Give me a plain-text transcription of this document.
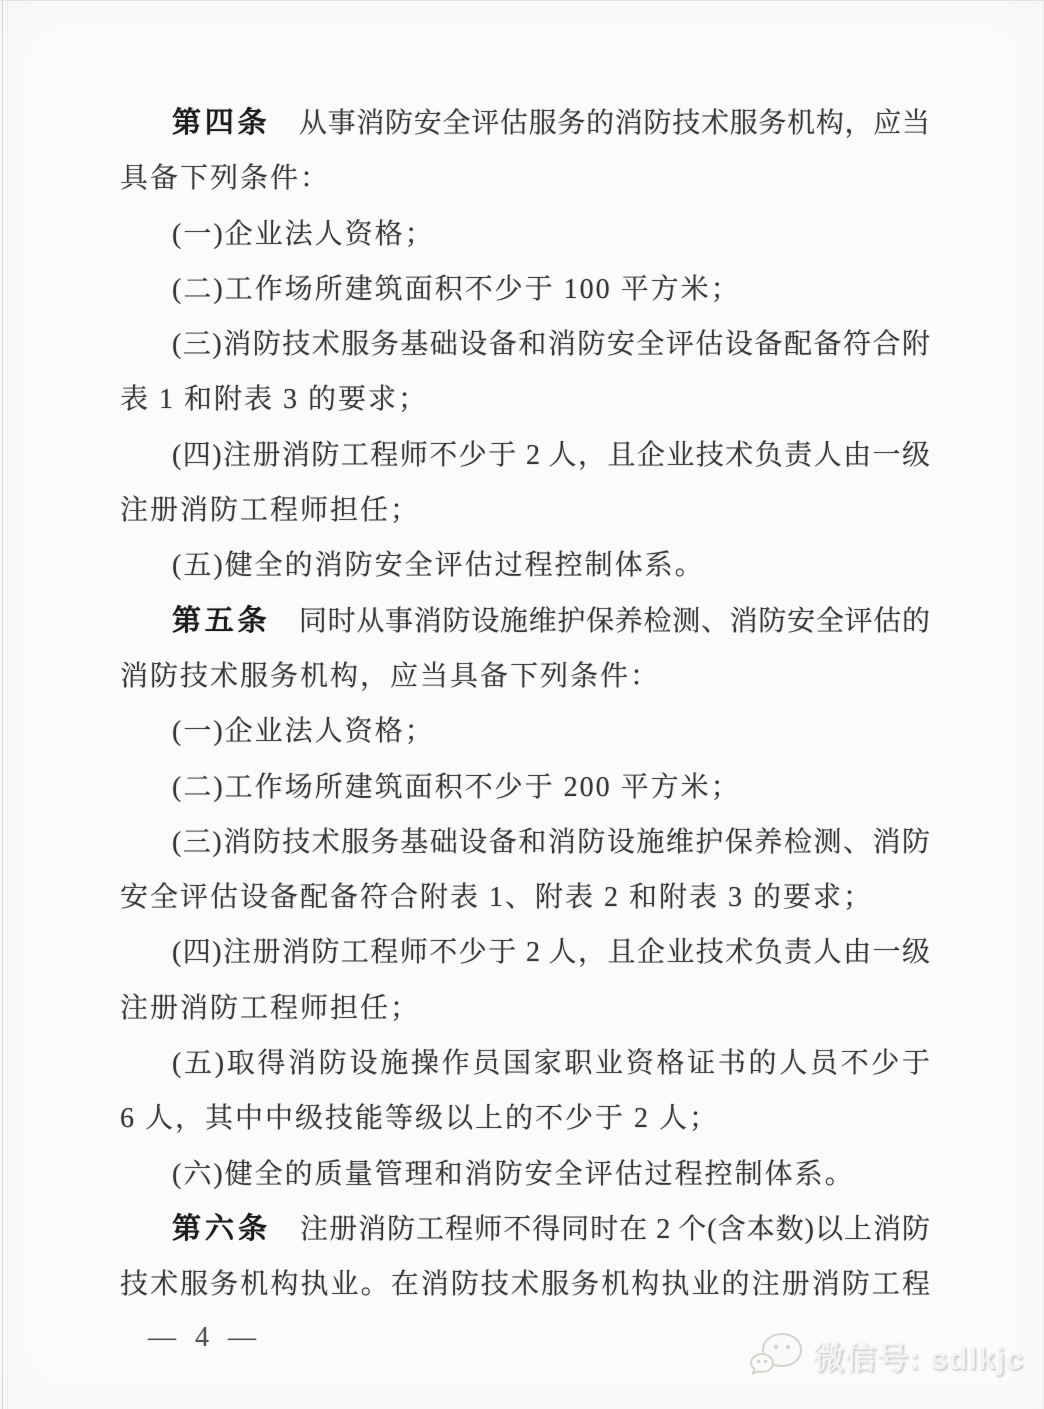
第四条　从事消防安全评估服务的消防技术服务机构，应当
具备下列条件：
(一)企业法人资格；
(二)工作场所建筑面积不少于 100 平方米；
(三)消防技术服务基础设备和消防安全评估设备配备符合附
表 1 和附表 3 的要求；
(四)注册消防工程师不少于 2 人，且企业技术负责人由一级
注册消防工程师担任；
(五)健全的消防安全评估过程控制体系。
第五条　同时从事消防设施维护保养检测、消防安全评估的
消防技术服务机构，应当具备下列条件：
(一)企业法人资格；
(二)工作场所建筑面积不少于 200 平方米；
(三)消防技术服务基础设备和消防设施维护保养检测、消防
安全评估设备配备符合附表 1、附表 2 和附表 3 的要求；
(四)注册消防工程师不少于 2 人，且企业技术负责人由一级
注册消防工程师担任；
(五)取得消防设施操作员国家职业资格证书的人员不少于
6 人，其中中级技能等级以上的不少于 2 人；
(六)健全的质量管理和消防安全评估过程控制体系。
第六条　注册消防工程师不得同时在 2 个(含本数)以上消防
技术服务机构执业。在消防技术服务机构执业的注册消防工程
— 4 —
微信号: sdlkjc
